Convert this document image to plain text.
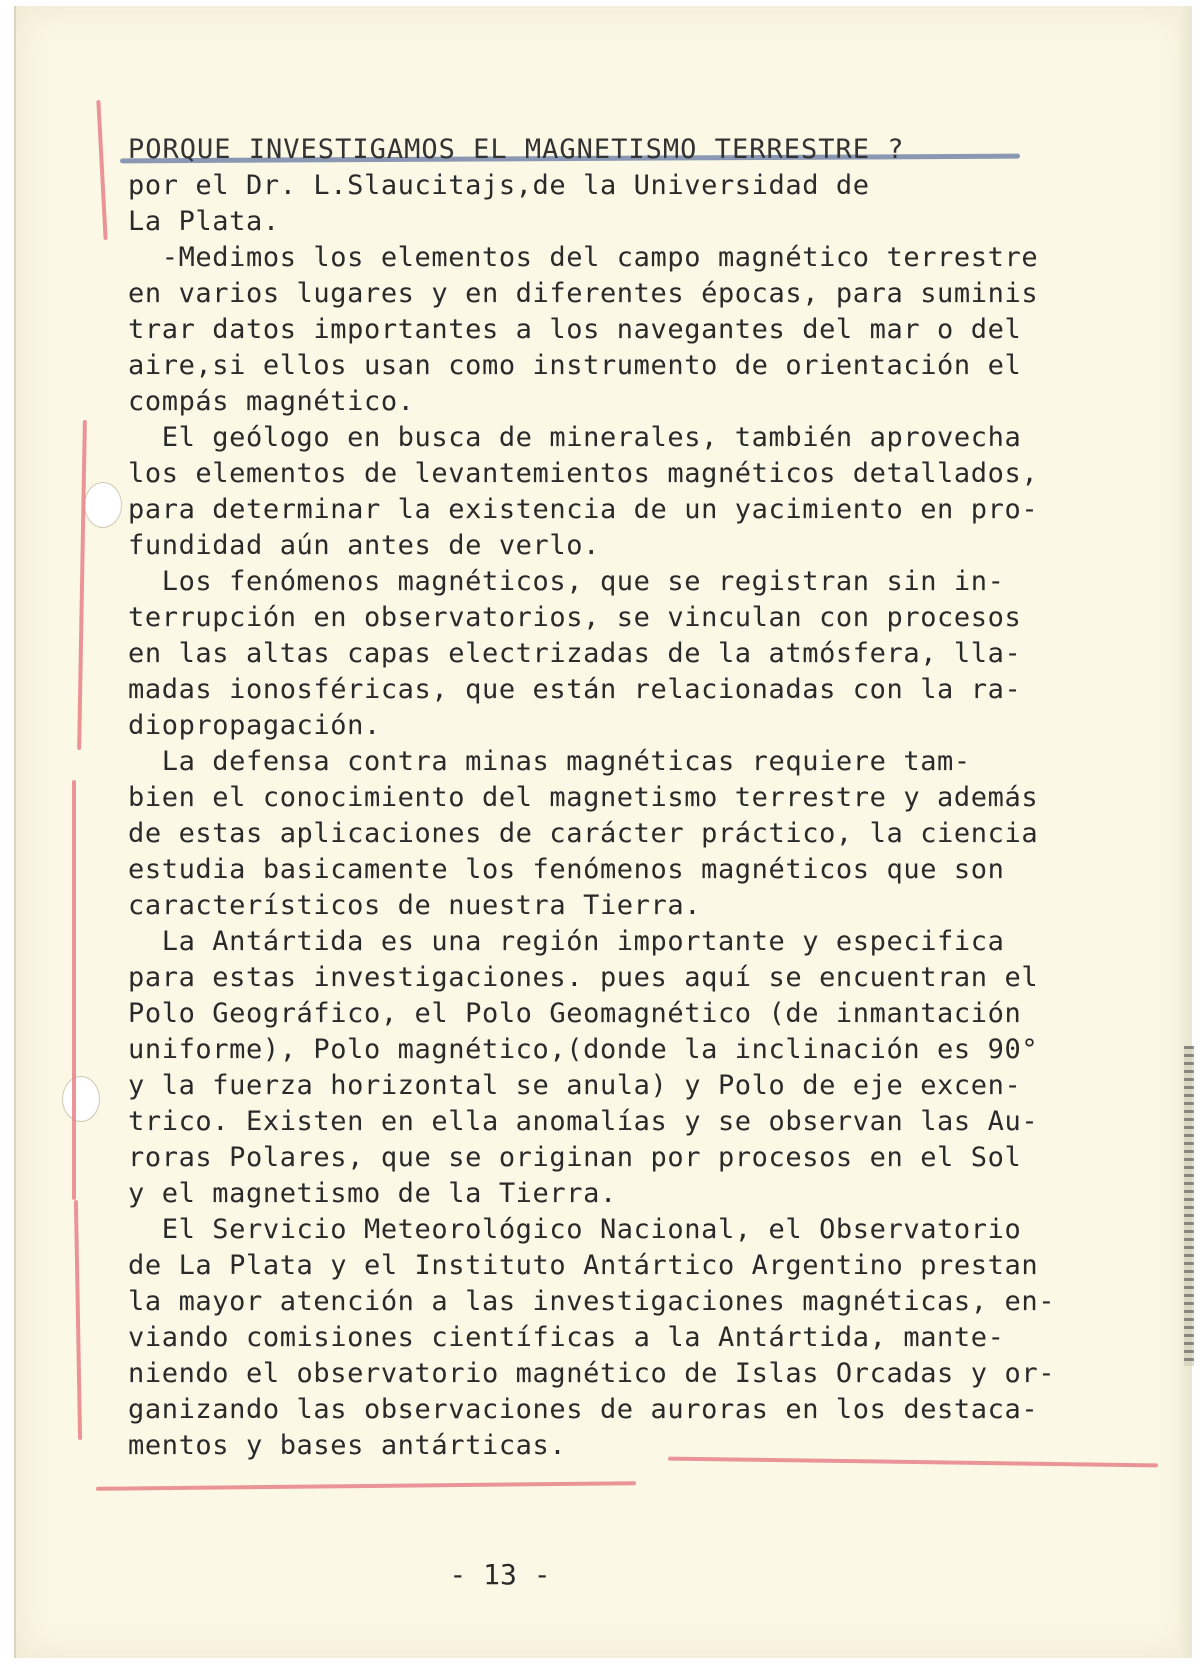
PORQUE INVESTIGAMOS EL MAGNETISMO TERRESTRE ?

por el Dr. L.Slaucitajs,de la Universidad de

La Plata.

-Medimos los elementos del campo magnético terrestre

en varios lugares y en diferentes épocas, para suminis

trar datos importantes a los navegantes del mar o del

aire,si ellos usan como instrumento de orientación el

compás magnético.

El geólogo en busca de minerales, también aprovecha

los elementos de levantemientos magnéticos detallados,

para determinar la existencia de un yacimiento en pro-

fundidad aún antes de verlo.

Los fenómenos magnéticos, que se registran sin in-

terrupción en observatorios, se vinculan con procesos

en las altas capas electrizadas de la atmósfera, lla-

madas ionosféricas, que están relacionadas con la ra-

diopropagación.

La defensa contra minas magnéticas requiere tam-

bien el conocimiento del magnetismo terrestre y además

de estas aplicaciones de carácter práctico, la ciencia

estudia basicamente los fenómenos magnéticos que son

característicos de nuestra Tierra.

La Antártida es una región importante y especifica

para estas investigaciones. pues aquí se encuentran el

Polo Geográfico, el Polo Geomagnético (de inmantación

uniforme), Polo magnético,(donde la inclinación es 90°

y la fuerza horizontal se anula) y Polo de eje excen-

trico. Existen en ella anomalías y se observan las Au-

roras Polares, que se originan por procesos en el Sol

y el magnetismo de la Tierra.

El Servicio Meteorológico Nacional, el Observatorio

de La Plata y el Instituto Antártico Argentino prestan

la mayor atención a las investigaciones magnéticas, en-

viando comisiones científicas a la Antártida, mante-

niendo el observatorio magnético de Islas Orcadas y or-

ganizando las observaciones de auroras en los destaca-

mentos y bases antárticas.

- 13 -
